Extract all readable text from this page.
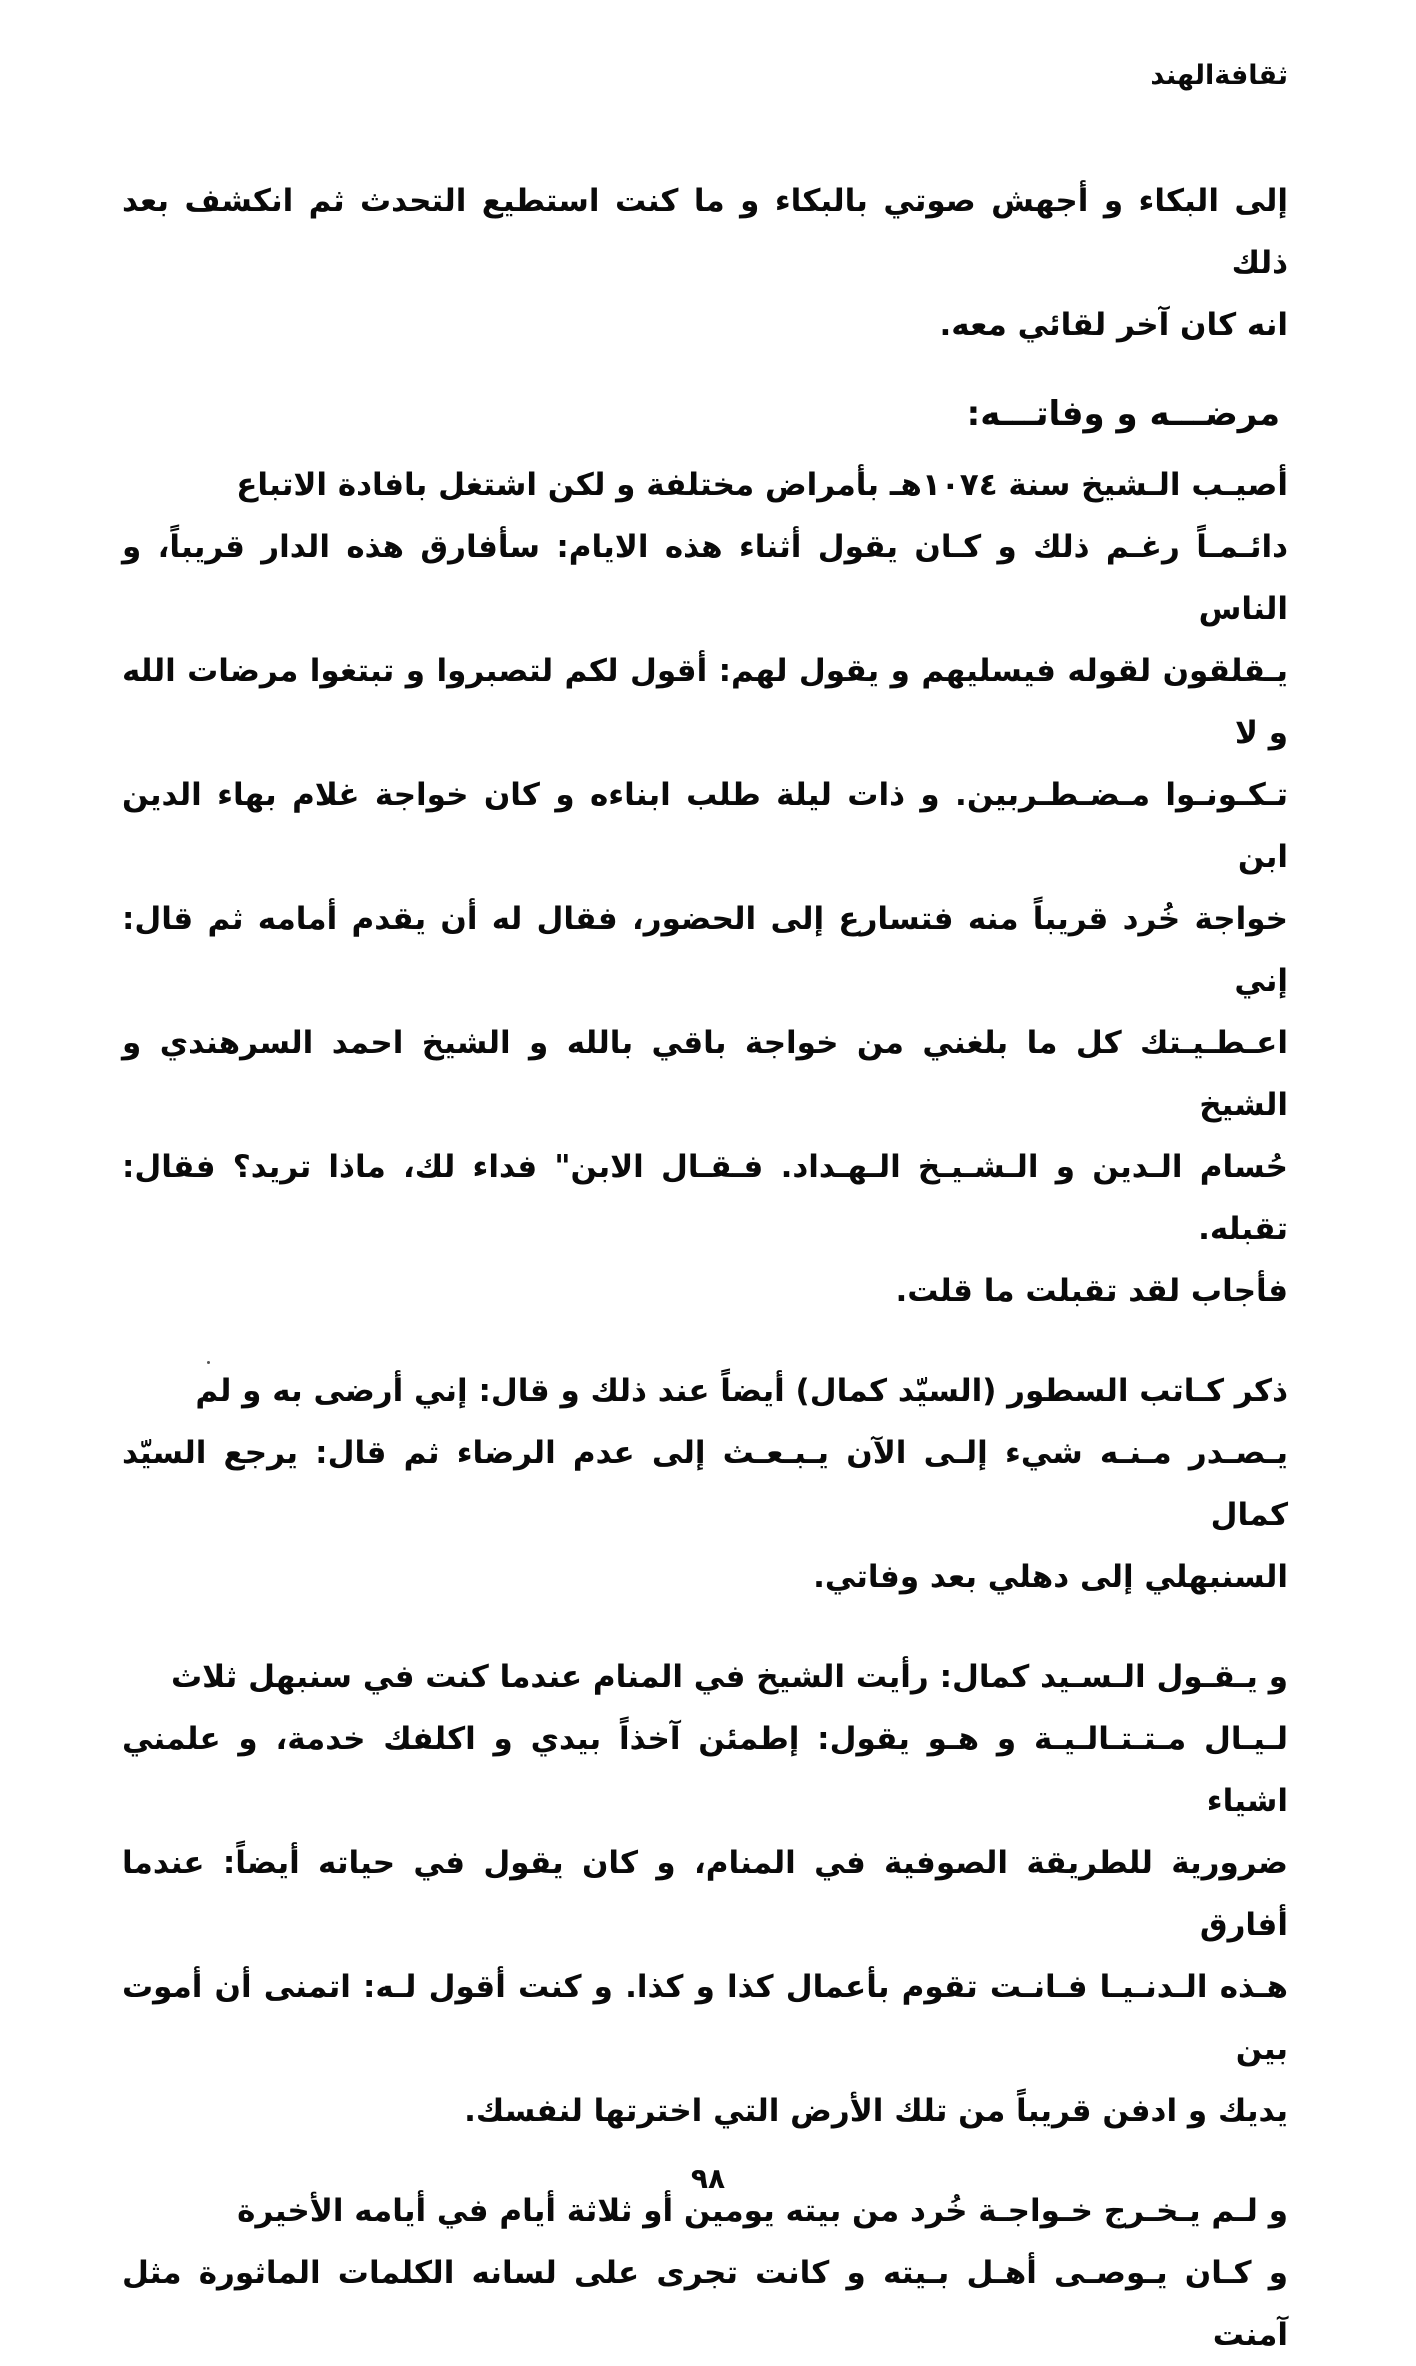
ثقافةالهند

إلى البكاء و أجهش صوتي بالبكاء و ما كنت استطيع التحدث ثم انكشف بعد ذلك
انه كان آخر لقائي معه.

مرضـــه و وفاتـــه:

أصيـب الـشيخ سنة ١٠٧٤هـ بأمراض مختلفة و لكن اشتغل بافادة الاتباع
دائـمـاً رغـم ذلك و كـان يقول أثناء هذه الايام: سأفارق هذه الدار قريباً، و الناس
يـقلقون لقوله فيسليهم و يقول لهم: أقول لكم لتصبروا و تبتغوا مرضات الله و لا
تـكـونـوا مـضـطـربين. و ذات ليلة طلب ابناءه و كان خواجة غلام بهاء الدين ابن
خواجة خُرد قريباً منه فتسارع إلى الحضور، فقال له أن يقدم أمامه ثم قال: إني
اعـطـيـتك كل ما بلغني من خواجة باقي بالله و الشيخ احمد السرهندي و الشيخ
حُسام الـدين و الـشـيـخ الـهـداد. فـقـال الابن" فداء لك، ماذا تريد؟ فقال: تقبله.
فأجاب لقد تقبلت ما قلت.

ذكر كـاتب السطور (السيّد كمال) أيضاً عند ذلك و قال: إني أرضى به و لم
يـصـدر مـنـه شيء إلـى الآن يـبـعـث إلى عدم الرضاء ثم قال: يرجع السيّد كمال
السنبهلي إلى دهلي بعد وفاتي.

و يـقـول الـسـيد كمال: رأيت الشيخ في المنام عندما كنت في سنبهل ثلاث
لـيـال مـتـتـالـيـة و هـو يقول: إطمئن آخذاً بيدي و اكلفك خدمة، و علمني اشياء
ضرورية للطريقة الصوفية في المنام، و كان يقول في حياته أيضاً: عندما أفارق
هـذه الـدنـيـا فـانـت تقوم بأعمال كذا و كذا. و كنت أقول لـه: اتمنى أن أموت بين
يديك و ادفن قريباً من تلك الأرض التي اخترتها لنفسك.

و لـم يـخـرج خـواجـة خُرد من بيته يومين أو ثلاثة أيام في أيامه الأخيرة
و كـان يـوصـى أهـل بـيته و كانت تجرى على لسانه الكلمات الماثورة مثل آمنت

٩٨
